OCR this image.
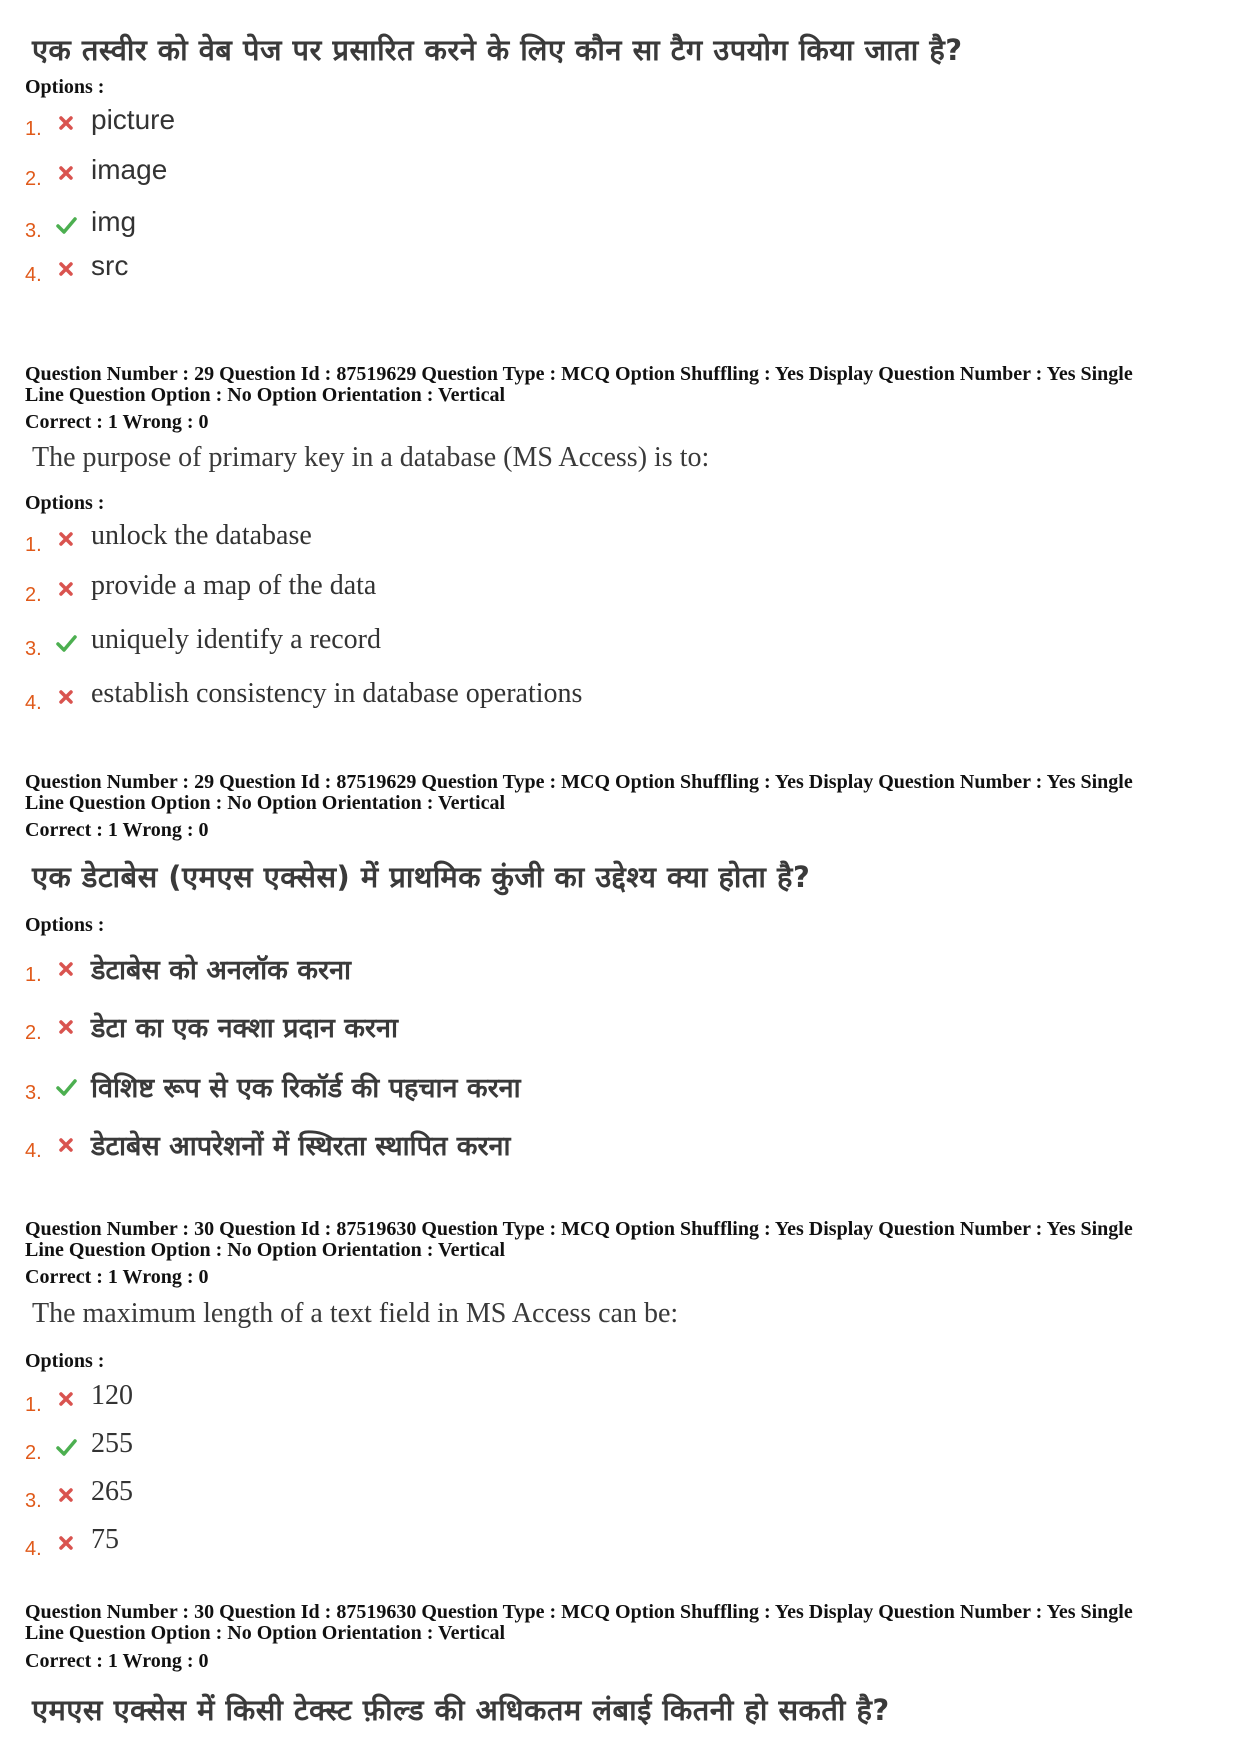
एक तस्वीर को वेब पेज पर प्रसारित करने के लिए कौन सा टैग उपयोग किया जाता है?
Options :
1. picture
2. image
3. img
4. src
Question Number : 29 Question Id : 87519629 Question Type : MCQ Option Shuffling : Yes Display Question Number : Yes Single
Line Question Option : No Option Orientation : Vertical
Correct : 1 Wrong : 0
The purpose of primary key in a database (MS Access) is to:
Options :
1. unlock the database
2. provide a map of the data
3. uniquely identify a record
4. establish consistency in database operations
Question Number : 29 Question Id : 87519629 Question Type : MCQ Option Shuffling : Yes Display Question Number : Yes Single
Line Question Option : No Option Orientation : Vertical
Correct : 1 Wrong : 0
एक डेटाबेस (एमएस एक्सेस) में प्राथमिक कुंजी का उद्देश्य क्या होता है?
Options :
1. डेटाबेस को अनलॉक करना
2. डेटा का एक नक्शा प्रदान करना
3. विशिष्ट रूप से एक रिकॉर्ड की पहचान करना
4. डेटाबेस आपरेशनों में स्थिरता स्थापित करना
Question Number : 30 Question Id : 87519630 Question Type : MCQ Option Shuffling : Yes Display Question Number : Yes Single
Line Question Option : No Option Orientation : Vertical
Correct : 1 Wrong : 0
The maximum length of a text field in MS Access can be:
Options :
1. 120
2. 255
3. 265
4. 75
Question Number : 30 Question Id : 87519630 Question Type : MCQ Option Shuffling : Yes Display Question Number : Yes Single
Line Question Option : No Option Orientation : Vertical
Correct : 1 Wrong : 0
एमएस एक्सेस में किसी टेक्स्ट फ़ील्ड की अधिकतम लंबाई कितनी हो सकती है?
